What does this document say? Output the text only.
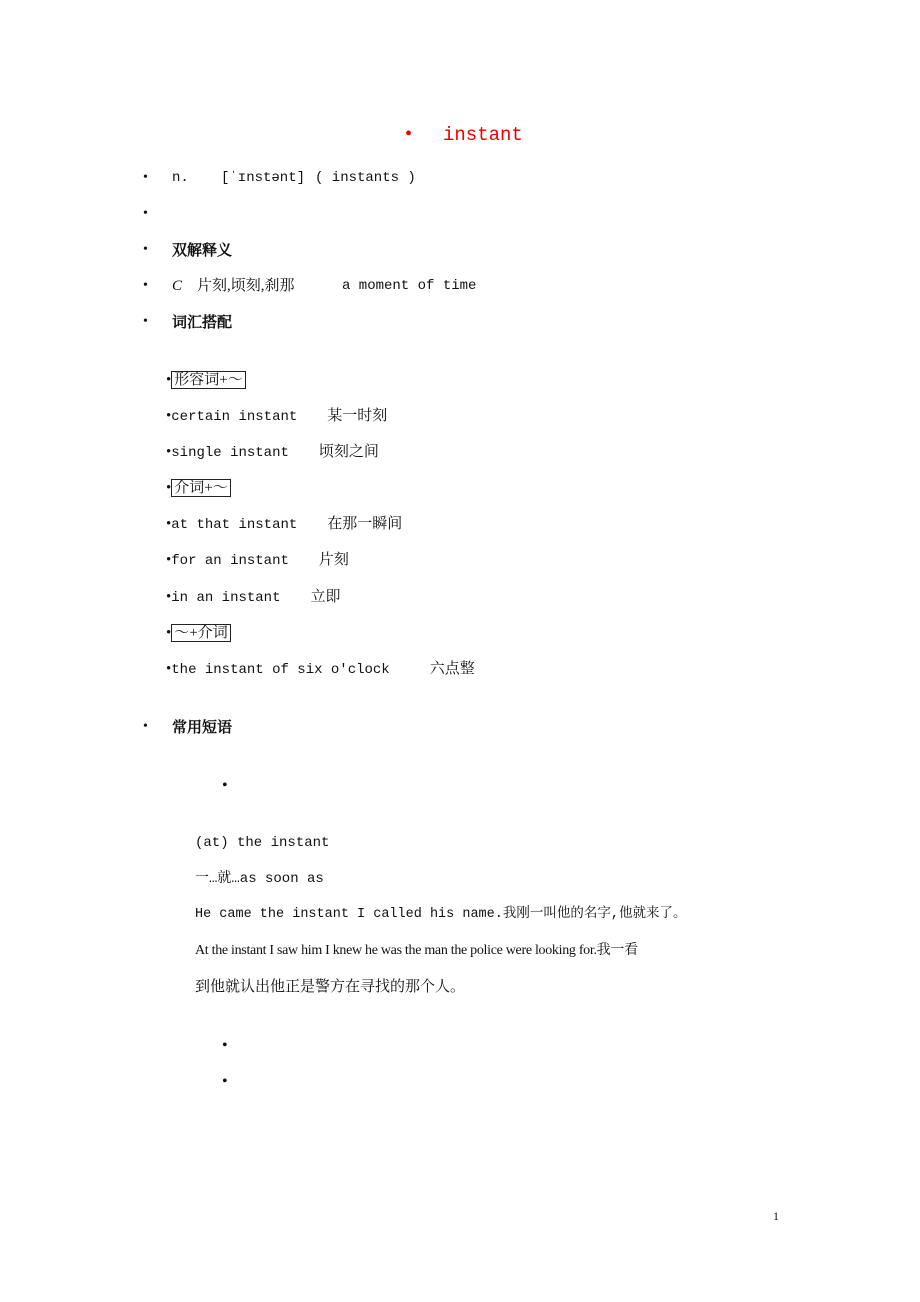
• instant
• n. [ˈɪnstənt] ( instants )
•
• 双解释义
• C 片刻,顷刻,刹那	a moment of time
• 词汇搭配
• 形容词+～
•certain instant 某一时刻
•single instant 顷刻之间
• 介词+～
•at that instant 在那一瞬间
•for an instant 片刻
•in an instant 立即
• ～+介词
•the instant of six o'clock	六点整
• 常用短语
•
(at) the instant
一…就…as soon as
He came the instant I called his name.我刚一叫他的名字,他就来了。
At the instant I saw him I knew he was the man the police were looking for.我一看
到他就认出他正是警方在寻找的那个人。
•
•
1
